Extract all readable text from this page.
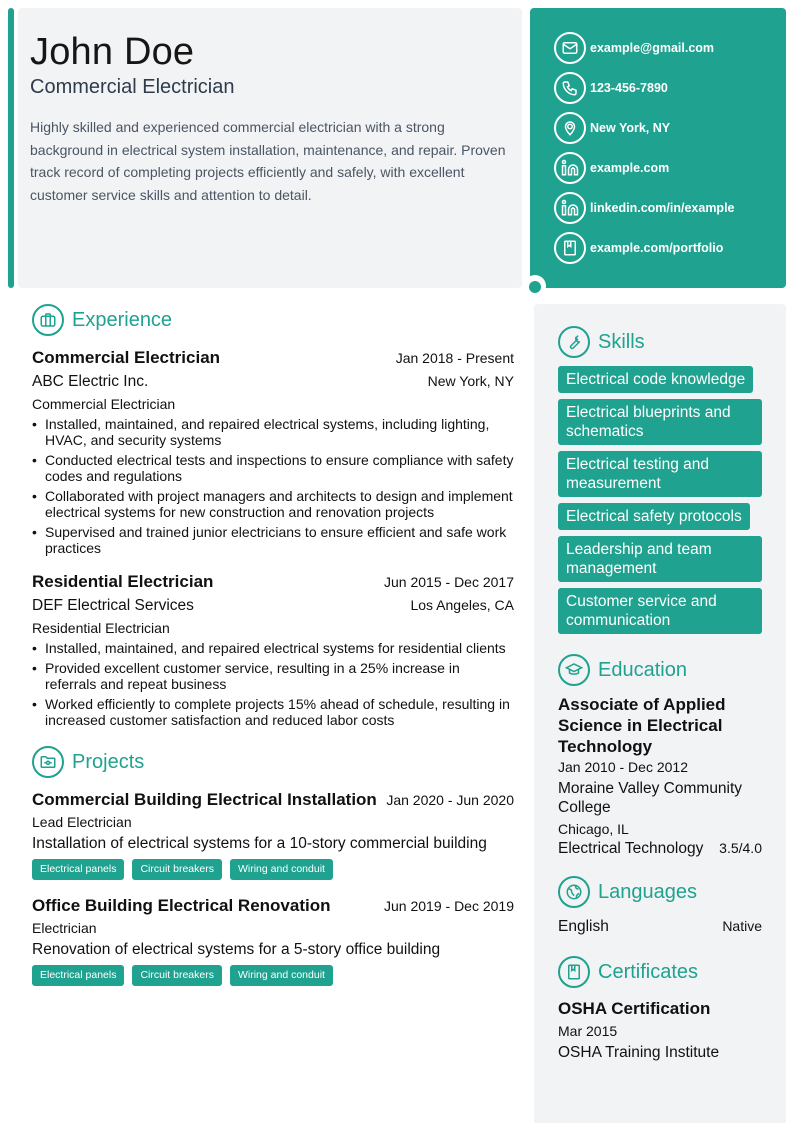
John Doe
Commercial Electrician

Highly skilled and experienced commercial electrician with a strong background in electrical system installation, maintenance, and repair. Proven track record of completing projects efficiently and safely, with excellent customer service skills and attention to detail.

example@gmail.com
123-456-7890
New York, NY
example.com
linkedin.com/in/example
example.com/portfolio
Experience
Commercial Electrician	Jan 2018 - Present
ABC Electric Inc.	New York, NY
Commercial Electrician
• Installed, maintained, and repaired electrical systems, including lighting, HVAC, and security systems
• Conducted electrical tests and inspections to ensure compliance with safety codes and regulations
• Collaborated with project managers and architects to design and implement electrical systems for new construction and renovation projects
• Supervised and trained junior electricians to ensure efficient and safe work practices
Residential Electrician	Jun 2015 - Dec 2017
DEF Electrical Services	Los Angeles, CA
Residential Electrician
• Installed, maintained, and repaired electrical systems for residential clients
• Provided excellent customer service, resulting in a 25% increase in referrals and repeat business
• Worked efficiently to complete projects 15% ahead of schedule, resulting in increased customer satisfaction and reduced labor costs
Projects
Commercial Building Electrical Installation Jan 2020 - Jun 2020
Lead Electrician
Installation of electrical systems for a 10-story commercial building
Electrical panels	Circuit breakers	Wiring and conduit
Office Building Electrical Renovation	Jun 2019 - Dec 2019
Electrician
Renovation of electrical systems for a 5-story office building
Electrical panels	Circuit breakers	Wiring and conduit
Skills
Electrical code knowledge Electrical blueprints and schematics Electrical testing and measurement Electrical safety protocols Leadership and team management Customer service and communication
Education
Associate of Applied Science in Electrical Technology
Jan 2010 - Dec 2012
Moraine Valley Community College
Chicago, IL
Electrical Technology 3.5/4.0
Languages
English	Native
Certificates
OSHA Certification
Mar 2015
OSHA Training Institute
